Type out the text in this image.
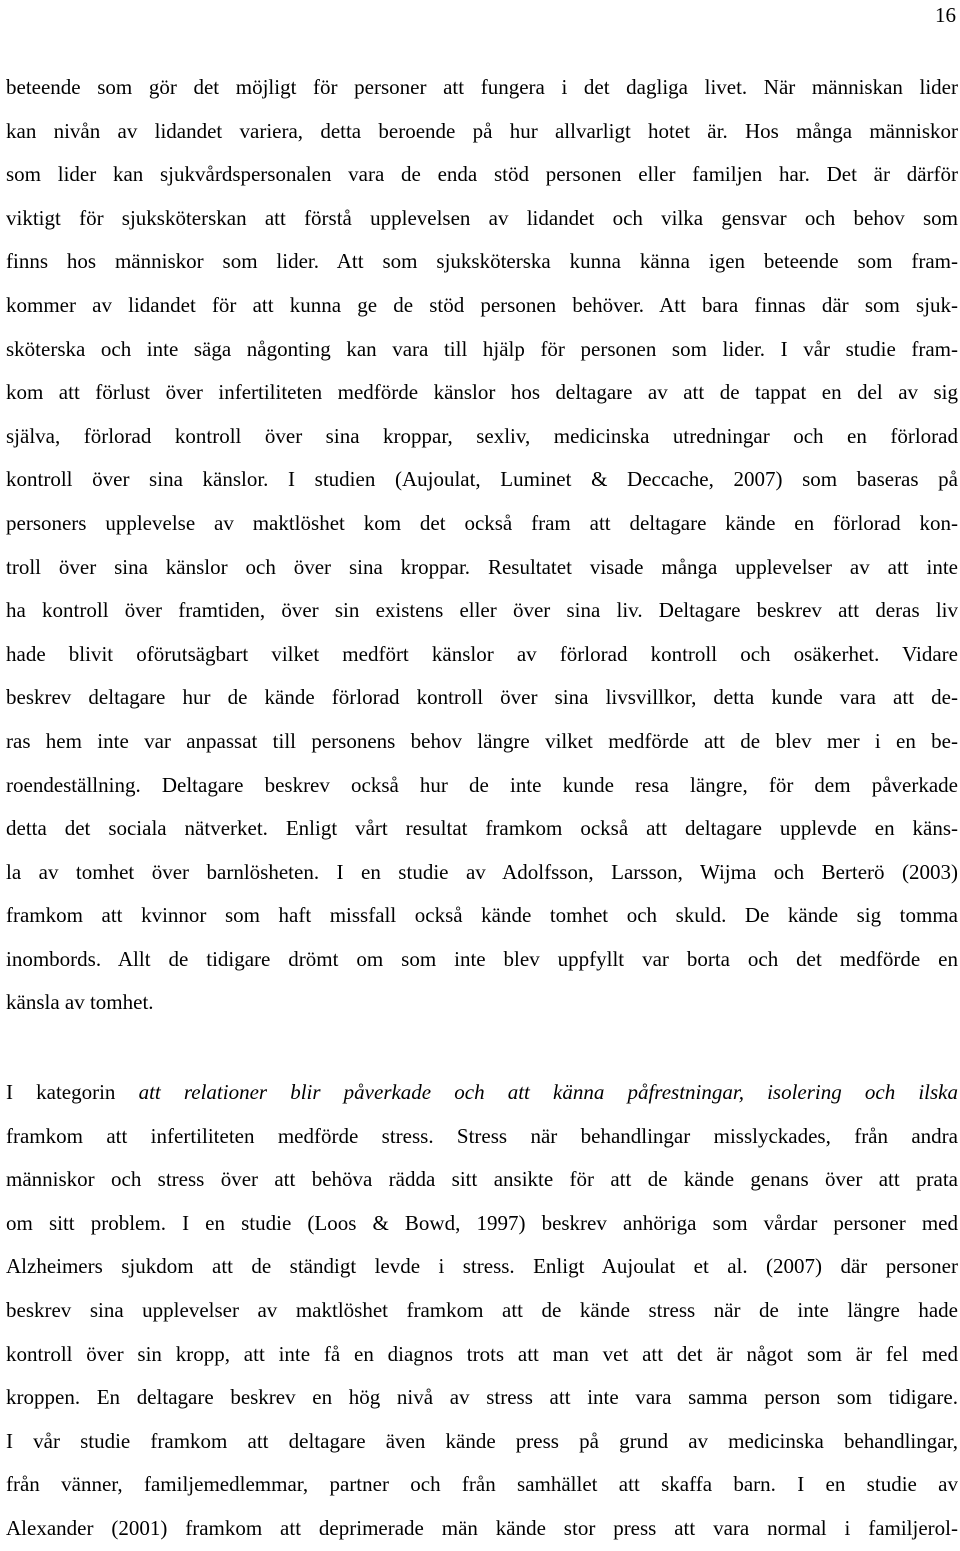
16
beteende som gör det möjligt för personer att fungera i det dagliga livet. När människan lider
kan nivån av lidandet variera, detta beroende på hur allvarligt hotet är. Hos många människor
som lider kan sjukvårdspersonalen vara de enda stöd personen eller familjen har. Det är därför
viktigt för sjuksköterskan att förstå upplevelsen av lidandet och vilka gensvar och behov som
finns hos människor som lider. Att som sjuksköterska kunna känna igen beteende som fram-
kommer av lidandet för att kunna ge de stöd personen behöver. Att bara finnas där som sjuk-
sköterska och inte säga någonting kan vara till hjälp för personen som lider. I vår studie fram-
kom att förlust över infertiliteten medförde känslor hos deltagare av att de tappat en del av sig
själva, förlorad kontroll över sina kroppar, sexliv, medicinska utredningar och en förlorad
kontroll över sina känslor. I studien (Aujoulat, Luminet & Deccache, 2007) som baseras på
personers upplevelse av maktlöshet kom det också fram att deltagare kände en förlorad kon-
troll över sina känslor och över sina kroppar. Resultatet visade många upplevelser av att inte
ha kontroll över framtiden, över sin existens eller över sina liv. Deltagare beskrev att deras liv
hade blivit oförutsägbart vilket medfört känslor av förlorad kontroll och osäkerhet. Vidare
beskrev deltagare hur de kände förlorad kontroll över sina livsvillkor, detta kunde vara att de-
ras hem inte var anpassat till personens behov längre vilket medförde att de blev mer i en be-
roendeställning. Deltagare beskrev också hur de inte kunde resa längre, för dem påverkade
detta det sociala nätverket. Enligt vårt resultat framkom också att deltagare upplevde en käns-
la av tomhet över barnlösheten. I en studie av Adolfsson, Larsson, Wijma och Berterö (2003)
framkom att kvinnor som haft missfall också kände tomhet och skuld. De kände sig tomma
inombords. Allt de tidigare drömt om som inte blev uppfyllt var borta och det medförde en
känsla av tomhet.
I kategorin att relationer blir påverkade och att känna påfrestningar, isolering och ilska
framkom att infertiliteten medförde stress. Stress när behandlingar misslyckades, från andra
människor och stress över att behöva rädda sitt ansikte för att de kände genans över att prata
om sitt problem. I en studie (Loos & Bowd, 1997) beskrev anhöriga som vårdar personer med
Alzheimers sjukdom att de ständigt levde i stress. Enligt Aujoulat et al. (2007) där personer
beskrev sina upplevelser av maktlöshet framkom att de kände stress när de inte längre hade
kontroll över sin kropp, att inte få en diagnos trots att man vet att det är något som är fel med
kroppen. En deltagare beskrev en hög nivå av stress att inte vara samma person som tidigare.
I vår studie framkom att deltagare även kände press på grund av medicinska behandlingar,
från vänner, familjemedlemmar, partner och från samhället att skaffa barn. I en studie av
Alexander (2001) framkom att deprimerade män kände stor press att vara normal i familjerol-
